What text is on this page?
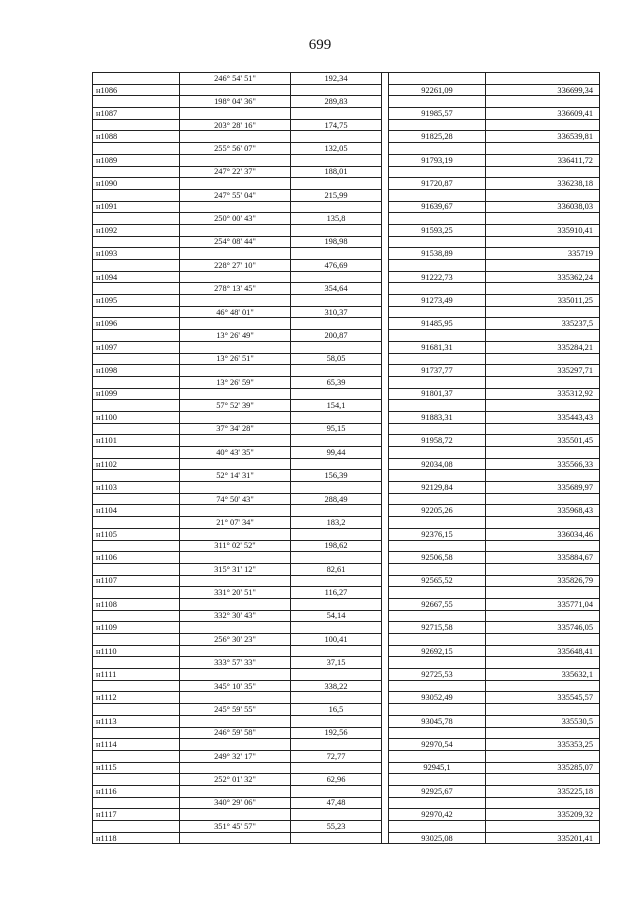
699
	246° 54' 51"	192,34			
н1086				92261,09	336699,34
	198° 04' 36"	289,83			
н1087				91985,57	336609,41
	203° 28' 16"	174,75			
н1088				91825,28	336539,81
	255° 56' 07"	132,05			
н1089				91793,19	336411,72
	247° 22' 37"	188,01			
н1090				91720,87	336238,18
	247° 55' 04"	215,99			
н1091				91639,67	336038,03
	250° 00' 43"	135,8			
н1092				91593,25	335910,41
	254° 08' 44"	198,98			
н1093				91538,89	335719
	228° 27' 10"	476,69			
н1094				91222,73	335362,24
	278° 13' 45"	354,64			
н1095				91273,49	335011,25
	46° 48' 01"	310,37			
н1096				91485,95	335237,5
	13° 26' 49"	200,87			
н1097				91681,31	335284,21
	13° 26' 51"	58,05			
н1098				91737,77	335297,71
	13° 26' 59"	65,39			
н1099				91801,37	335312,92
	57° 52' 39"	154,1			
н1100				91883,31	335443,43
	37° 34' 28"	95,15			
н1101				91958,72	335501,45
	40° 43' 35"	99,44			
н1102				92034,08	335566,33
	52° 14' 31"	156,39			
н1103				92129,84	335689,97
	74° 50' 43"	288,49			
н1104				92205,26	335968,43
	21° 07' 34"	183,2			
н1105				92376,15	336034,46
	311° 02' 52"	198,62			
н1106				92506,58	335884,67
	315° 31' 12"	82,61			
н1107				92565,52	335826,79
	331° 20' 51"	116,27			
н1108				92667,55	335771,04
	332° 30' 43"	54,14			
н1109				92715,58	335746,05
	256° 30' 23"	100,41			
н1110				92692,15	335648,41
	333° 57' 33"	37,15			
н1111				92725,53	335632,1
	345° 10' 35"	338,22			
н1112				93052,49	335545,57
	245° 59' 55"	16,5			
н1113				93045,78	335530,5
	246° 59' 58"	192,56			
н1114				92970,54	335353,25
	249° 32' 17"	72,77			
н1115				92945,1	335285,07
	252° 01' 32"	62,96			
н1116				92925,67	335225,18
	340° 29' 06"	47,48			
н1117				92970,42	335209,32
	351° 45' 57"	55,23			
н1118				93025,08	335201,41
